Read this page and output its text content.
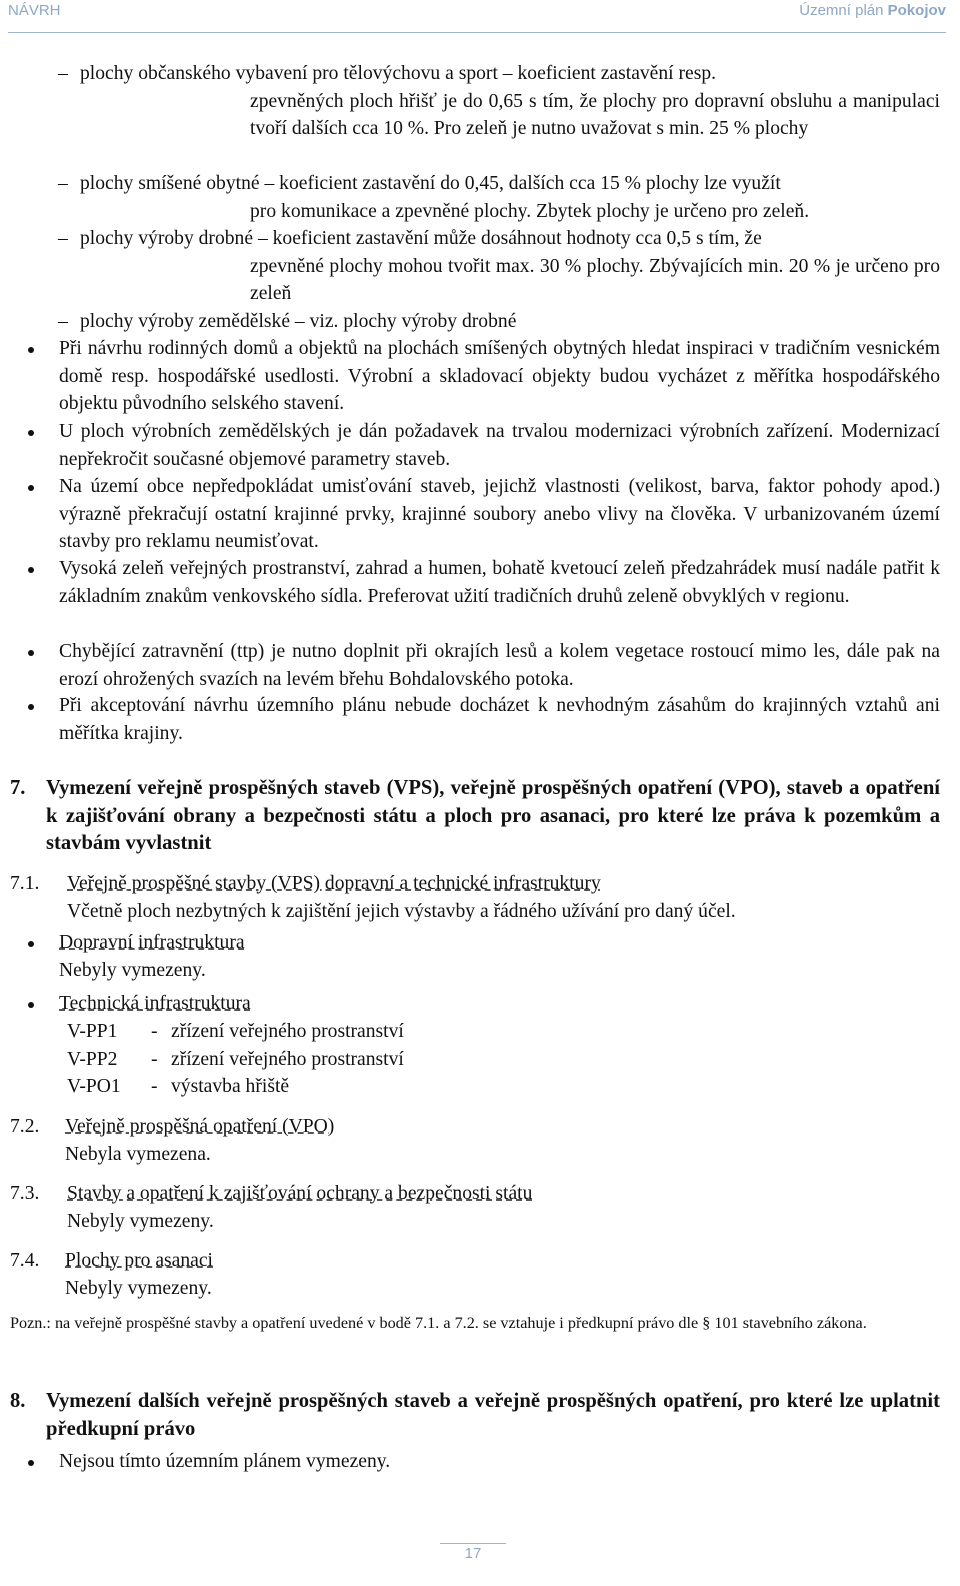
NÁVRH	Územní plán Pokojov
– plochy občanského vybavení pro tělovýchovu a sport – koeficient zastavění resp.

zpevněných ploch hřišť je do 0,65 s tím, že plochy pro dopravní obsluhu a manipulaci tvoří dalších cca 10 %. Pro zeleň je nutno uvažovat s min. 25 % plochy

– plochy smíšené obytné – koeficient zastavění do 0,45, dalších cca 15 % plochy lze využít

pro komunikace a zpevněné plochy. Zbytek plochy je určeno pro zeleň.

– plochy výroby drobné – koeficient zastavění může dosáhnout hodnoty cca 0,5 s tím, že

zpevněné plochy mohou tvořit max. 30 % plochy. Zbývajících min. 20 % je určeno pro zeleň

– plochy výroby zemědělské – viz. plochy výroby drobné

Při návrhu rodinných domů a objektů na plochách smíšených obytných hledat inspiraci v tradičním vesnickém domě resp. hospodářské usedlosti. Výrobní a skladovací objekty budou vycházet z měřítka hospodářského objektu původního selského stavení.

U ploch výrobních zemědělských je dán požadavek na trvalou modernizaci výrobních zařízení. Modernizací nepřekročit současné objemové parametry staveb.

Na území obce nepředpokládat umisťování staveb, jejichž vlastnosti (velikost, barva, faktor pohody apod.) výrazně překračují ostatní krajinné prvky, krajinné soubory anebo vlivy na člověka. V urbanizovaném území stavby pro reklamu neumisťovat.

Vysoká zeleň veřejných prostranství, zahrad a humen, bohatě kvetoucí zeleň předzahrádek musí nadále patřit k základním znakům venkovského sídla. Preferovat užití tradičních druhů zeleně obvyklých v regionu.

Chybějící zatravnění (ttp) je nutno doplnit při okrajích lesů a kolem vegetace rostoucí mimo les, dále pak na erozí ohrožených svazích na levém břehu Bohdalovského potoka.

Při akceptování návrhu územního plánu nebude docházet k nevhodným zásahům do krajinných vztahů ani měřítka krajiny.

7. Vymezení veřejně prospěšných staveb (VPS), veřejně prospěšných opatření (VPO), staveb a opatření k zajišťování obrany a bezpečnosti státu a ploch pro asanaci, pro které lze práva k pozemkům a stavbám vyvlastnit
7.1. Veřejně prospěšné stavby (VPS) dopravní a technické infrastruktury
Včetně ploch nezbytných k zajištění jejich výstavby a řádného užívání pro daný účel.
Dopravní infrastruktura
Nebyly vymezeny.
Technická infrastruktura
V-PP1 - zřízení veřejného prostranství
V-PP2 - zřízení veřejného prostranství
V-PO1 - výstavba hřiště
7.2. Veřejně prospěšná opatření (VPO)
Nebyla vymezena.
7.3. Stavby a opatření k zajišťování ochrany a bezpečnosti státu
Nebyly vymezeny.
7.4. Plochy pro asanaci
Nebyly vymezeny.
Pozn.: na veřejně prospěšné stavby a opatření uvedené v bodě 7.1. a 7.2. se vztahuje i předkupní právo dle § 101 stavebního zákona.
8. Vymezení dalších veřejně prospěšných staveb a veřejně prospěšných opatření, pro které lze uplatnit předkupní právo
Nejsou tímto územním plánem vymezeny.
17
